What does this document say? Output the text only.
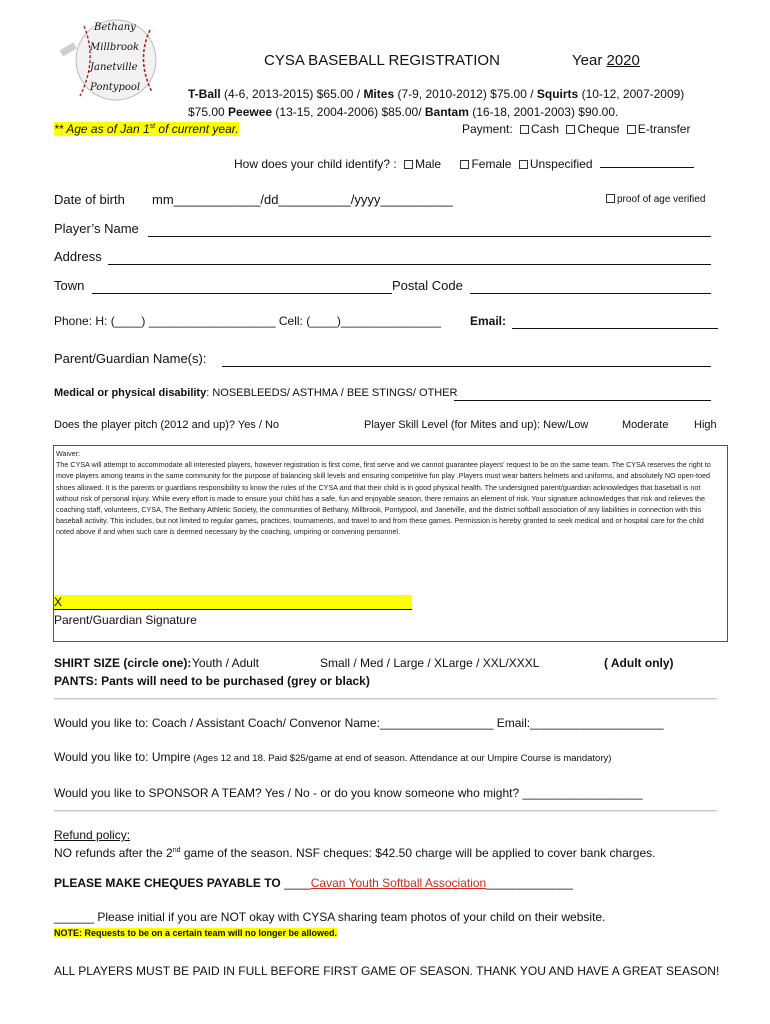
Bethany
Millbrook
Janetville
Pontypool
CYSA BASEBALL REGISTRATION	Year 2020
T-Ball (4-6, 2013-2015) $65.00 / Mites (7-9, 2010-2012) $75.00 / Squirts (10-12, 2007-2009)
$75.00 Peewee (13-15, 2004-2006) $85.00/ Bantam (16-18, 2001-2003) $90.00.
** Age as of Jan 1st of current year.	Payment: Cash Cheque E-transfer
How does your child identify? : Male	Female Unspecified
Date of birth mm____________/dd__________/yyyy__________	proof of age verified
Player’s Name
Address
Town	Postal Code
Phone: H: (____) ___________________ Cell: (____)_______________ Email:
Parent/Guardian Name(s):
Medical or physical disability: NOSEBLEEDS/ ASTHMA / BEE STINGS/ OTHER
Does the player pitch (2012 and up)? Yes / No	Player Skill Level (for Mites and up): New/Low	Moderate High
Waiver:
The CYSA will attempt to accommodate all interested players, however registration is first come, first serve and we cannot guarantee players’ request to be on the same team. The CYSA reserves the right to move players among teams in the same community for the purpose of balancing skill levels and ensuring competitive fun play .Players must wear batters helmets and uniforms, and absolutely NO open-toed shoes allowed. It is the parents or guardians responsibility to know the rules of the CYSA and that their child is in good physical health. The undersigned parent/guardian acknowledges that baseball is not without risk of personal injury. While every effort is made to ensure your child has a safe, fun and enjoyable season, there remains an element of risk. Your signature acknowledges that risk and relieves the coaching staff, volunteers, CYSA, The Bethany Athletic Society, the communities of Bethany, Millbrook, Pontypool, and Janetville, and the district softball association of any liabilities in connection with this baseball activity. This includes, but not limited to regular games, practices, tournaments, and travel to and from these games. Permission is hereby granted to seek medical and or hospital care for the child noted above if and when such care is deemed necessary by the coaching, umpiring or convening personnel.
X
Parent/Guardian Signature
SHIRT SIZE (circle one): Youth / Adult	Small / Med / Large / XLarge / XXL/XXXL	( Adult only)
PANTS: Pants will need to be purchased (grey or black)
Would you like to: Coach / Assistant Coach/ Convenor Name:_________________ Email:____________________
Would you like to: Umpire (Ages 12 and 18. Paid $25/game at end of season. Attendance at our Umpire Course is mandatory)
Would you like to SPONSOR A TEAM? Yes / No - or do you know someone who might? __________________
Refund policy:
NO refunds after the 2nd game of the season. NSF cheques: $42.50 charge will be applied to cover bank charges.
PLEASE MAKE CHEQUES PAYABLE TO ____Cavan Youth Softball Association_____________
______ Please initial if you are NOT okay with CYSA sharing team photos of your child on their website.
NOTE: Requests to be on a certain team will no longer be allowed.
ALL PLAYERS MUST BE PAID IN FULL BEFORE FIRST GAME OF SEASON. THANK YOU AND HAVE A GREAT SEASON!
